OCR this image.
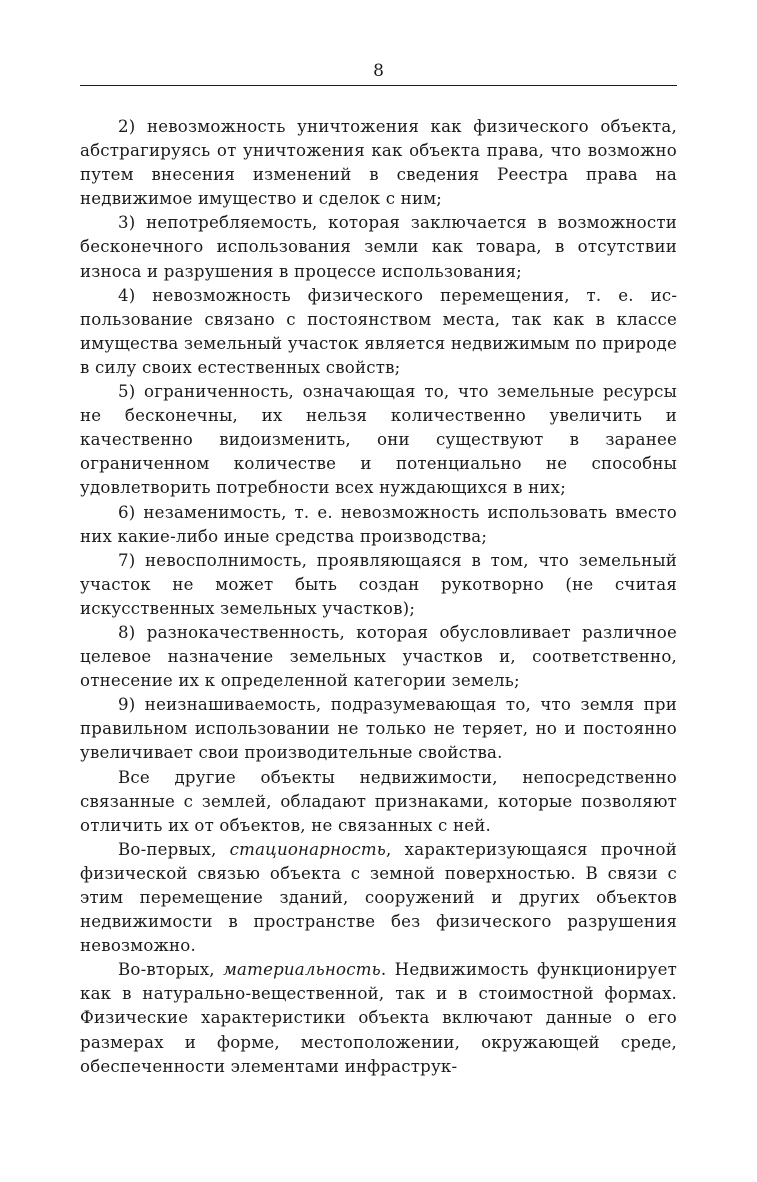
8

2) невозможность уничтожения как физического объекта, абстрагируясь от уничтожения как объекта права, что возможно путем внесения изменений в сведения Реестра права на недвижимое имущество и сделок с ним;

3) непотребляемость, которая заключается в возможности бесконечного использования земли как товара, в отсутствии износа и разрушения в процессе использования;

4) невозможность физического перемещения, т. е. использование связано с постоянством места, так как в классе имущества земельный участок является недвижимым по природе в силу своих естественных свойств;

5) ограниченность, означающая то, что земельные ресурсы не бесконечны, их нельзя количественно увеличить и качественно видоизменить, они существуют в заранее ограниченном количестве и потенциально не способны удовлетворить потребности всех нуждающихся в них;

6) незаменимость, т. е. невозможность использовать вместо них какие-либо иные средства производства;

7) невосполнимость, проявляющаяся в том, что земельный участок не может быть создан рукотворно (не считая искусственных земельных участков);

8) разнокачественность, которая обусловливает различное целевое назначение земельных участков и, соответственно, отнесение их к определенной категории земель;

9) неизнашиваемость, подразумевающая то, что земля при правильном использовании не только не теряет, но и постоянно увеличивает свои производительные свойства.

Все другие объекты недвижимости, непосредственно связанные с землей, обладают признаками, которые позволяют отличить их от объектов, не связанных с ней.

Во-первых, стационарность, характеризующаяся прочной физической связью объекта с земной поверхностью. В связи с этим перемещение зданий, сооружений и других объектов недвижимости в пространстве без физического разрушения невозможно.

Во-вторых, материальность. Недвижимость функционирует как в натурально-вещественной, так и в стоимостной формах. Физические характеристики объекта включают данные о его размерах и форме, местоположении, окружающей среде, обеспеченности элементами инфраструк-
